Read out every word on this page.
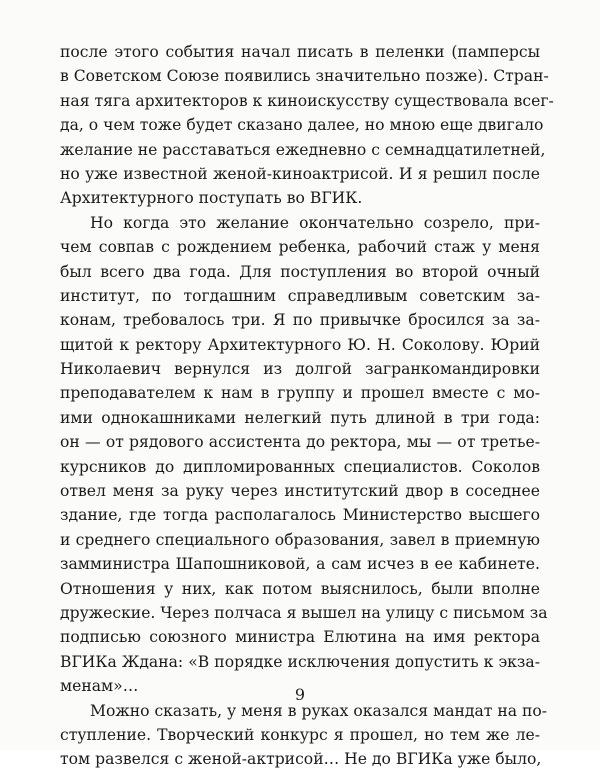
после этого события начал писать в пеленки (памперсы
в Советском Союзе появились значительно позже). Стран-
ная тяга архитекторов к киноискусству существовала всег-
да, о чем тоже будет сказано далее, но мною еще двигало
желание не расставаться ежедневно с семнадцатилетней,
но уже известной женой-киноактрисой. И я решил после
Архитектурного поступать во ВГИК.
Но когда это желание окончательно созрело, при-
чем совпав с рождением ребенка, рабочий стаж у меня
был всего два года. Для поступления во второй очный
институт, по тогдашним справедливым советским за-
конам, требовалось три. Я по привычке бросился за за-
щитой к ректору Архитектурного Ю. Н. Соколову. Юрий
Николаевич вернулся из долгой загранкомандировки
преподавателем к нам в группу и прошел вместе с мо-
ими однокашниками нелегкий путь длиной в три года:
он — от рядового ассистента до ректора, мы — от третье-
курсников до дипломированных специалистов. Соколов
отвел меня за руку через институтский двор в соседнее
здание, где тогда располагалось Министерство высшего
и среднего специального образования, завел в приемную
замминистра Шапошниковой, а сам исчез в ее кабинете.
Отношения у них, как потом выяснилось, были вполне
дружеские. Через полчаса я вышел на улицу с письмом за
подписью союзного министра Елютина на имя ректора
ВГИКа Ждана: «В порядке исключения допустить к экза-
менам»…
Можно сказать, у меня в руках оказался мандат на по-
ступление. Творческий конкурс я прошел, но тем же ле-
том развелся с женой-актрисой… Не до ВГИКа уже было,
9
